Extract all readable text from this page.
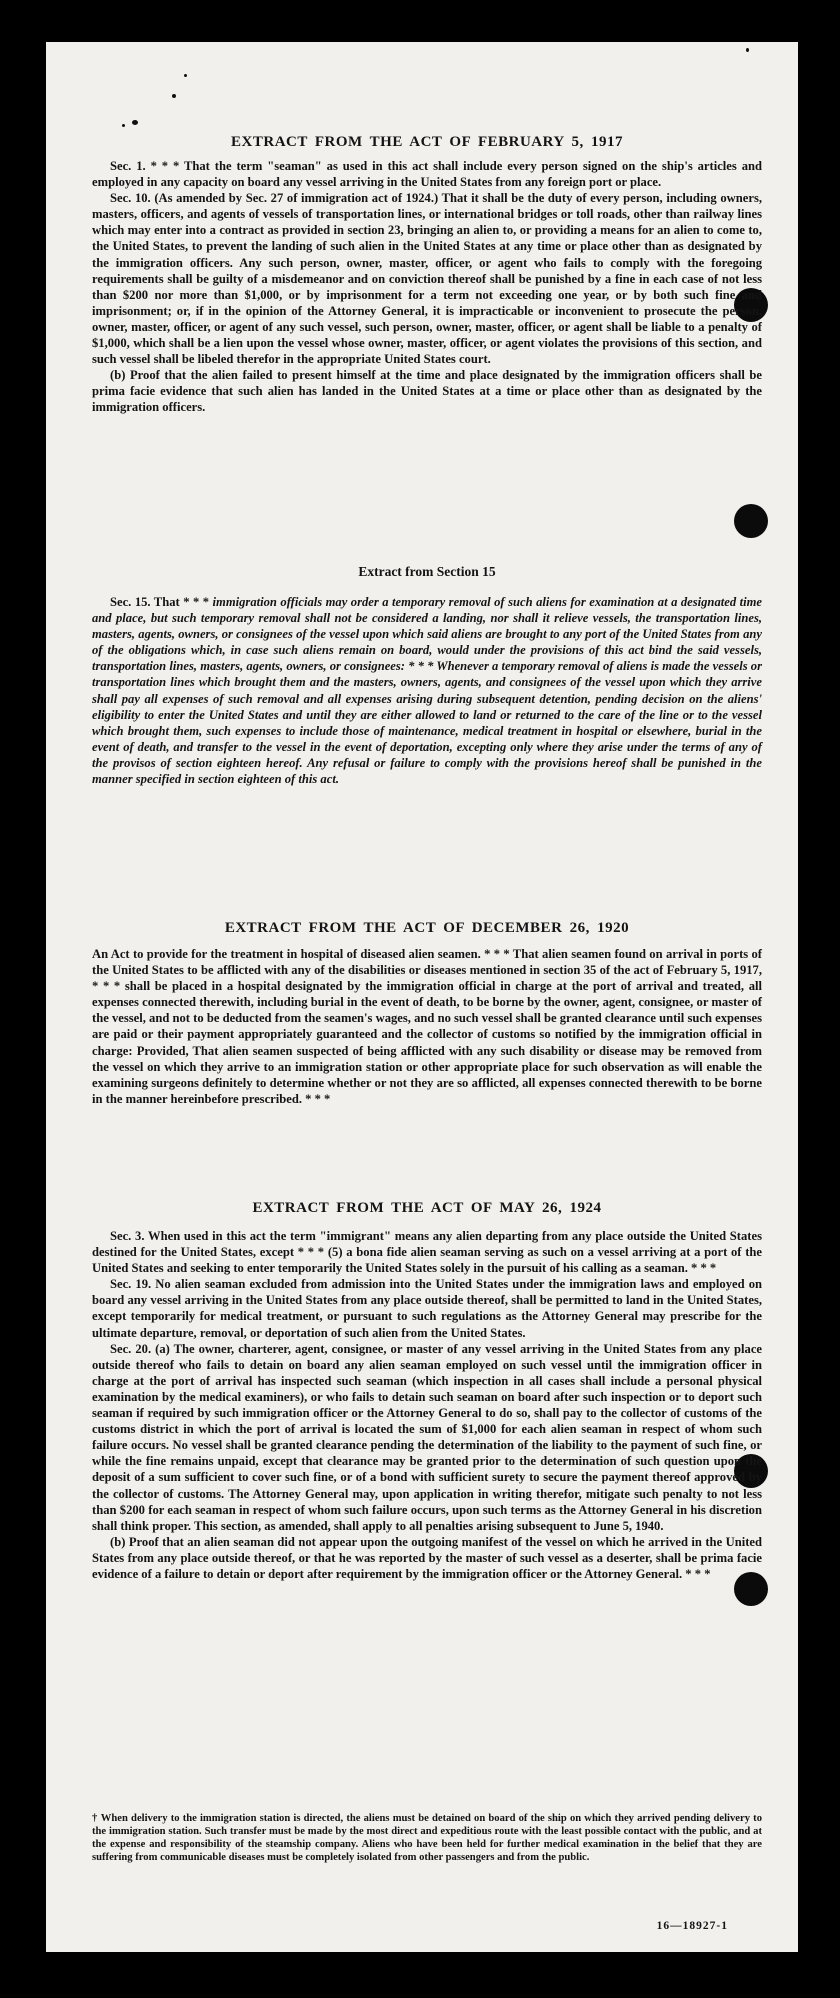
EXTRACT FROM THE ACT OF FEBRUARY 5, 1917
Sec. 1. * * * That the term "seaman" as used in this act shall include every person signed on the ship's articles and employed in any capacity on board any vessel arriving in the United States from any foreign port or place.
Sec. 10. (As amended by Sec. 27 of immigration act of 1924.) That it shall be the duty of every person, including owners, masters, officers, and agents of vessels of transportation lines, or international bridges or toll roads, other than railway lines which may enter into a contract as provided in section 23, bringing an alien to, or providing a means for an alien to come to, the United States, to prevent the landing of such alien in the United States at any time or place other than as designated by the immigration officers. Any such person, owner, master, officer, or agent who fails to comply with the foregoing requirements shall be guilty of a misdemeanor and on conviction thereof shall be punished by a fine in each case of not less than $200 nor more than $1,000, or by imprisonment for a term not exceeding one year, or by both such fine and imprisonment; or, if in the opinion of the Attorney General, it is impracticable or inconvenient to prosecute the person, owner, master, officer, or agent of any such vessel, such person, owner, master, officer, or agent shall be liable to a penalty of $1,000, which shall be a lien upon the vessel whose owner, master, officer, or agent violates the provisions of this section, and such vessel shall be libeled therefor in the appropriate United States court.
(b) Proof that the alien failed to present himself at the time and place designated by the immigration officers shall be prima facie evidence that such alien has landed in the United States at a time or place other than as designated by the immigration officers.
Extract from Section 15
Sec. 15. That * * * immigration officials may order a temporary removal of such aliens for examination at a designated time and place, but such temporary removal shall not be considered a landing, nor shall it relieve vessels, the transportation lines, masters, agents, owners, or consignees of the vessel upon which said aliens are brought to any port of the United States from any of the obligations which, in case such aliens remain on board, would under the provisions of this act bind the said vessels, transportation lines, masters, agents, owners, or consignees: * * * Whenever a temporary removal of aliens is made the vessels or transportation lines which brought them and the masters, owners, agents, and consignees of the vessel upon which they arrive shall pay all expenses of such removal and all expenses arising during subsequent detention, pending decision on the aliens' eligibility to enter the United States and until they are either allowed to land or returned to the care of the line or to the vessel which brought them, such expenses to include those of maintenance, medical treatment in hospital or elsewhere, burial in the event of death, and transfer to the vessel in the event of deportation, excepting only where they arise under the terms of any of the provisos of section eighteen hereof. Any refusal or failure to comply with the provisions hereof shall be punished in the manner specified in section eighteen of this act.
EXTRACT FROM THE ACT OF DECEMBER 26, 1920
An Act to provide for the treatment in hospital of diseased alien seamen. * * * That alien seamen found on arrival in ports of the United States to be afflicted with any of the disabilities or diseases mentioned in section 35 of the act of February 5, 1917, * * * shall be placed in a hospital designated by the immigration official in charge at the port of arrival and treated, all expenses connected therewith, including burial in the event of death, to be borne by the owner, agent, consignee, or master of the vessel, and not to be deducted from the seamen's wages, and no such vessel shall be granted clearance until such expenses are paid or their payment appropriately guaranteed and the collector of customs so notified by the immigration official in charge: Provided, That alien seamen suspected of being afflicted with any such disability or disease may be removed from the vessel on which they arrive to an immigration station or other appropriate place for such observation as will enable the examining surgeons definitely to determine whether or not they are so afflicted, all expenses connected therewith to be borne in the manner hereinbefore prescribed. * * *
EXTRACT FROM THE ACT OF MAY 26, 1924
Sec. 3. When used in this act the term "immigrant" means any alien departing from any place outside the United States destined for the United States, except * * * (5) a bona fide alien seaman serving as such on a vessel arriving at a port of the United States and seeking to enter temporarily the United States solely in the pursuit of his calling as a seaman. * * *
Sec. 19. No alien seaman excluded from admission into the United States under the immigration laws and employed on board any vessel arriving in the United States from any place outside thereof, shall be permitted to land in the United States, except temporarily for medical treatment, or pursuant to such regulations as the Attorney General may prescribe for the ultimate departure, removal, or deportation of such alien from the United States.
Sec. 20. (a) The owner, charterer, agent, consignee, or master of any vessel arriving in the United States from any place outside thereof who fails to detain on board any alien seaman employed on such vessel until the immigration officer in charge at the port of arrival has inspected such seaman (which inspection in all cases shall include a personal physical examination by the medical examiners), or who fails to detain such seaman on board after such inspection or to deport such seaman if required by such immigration officer or the Attorney General to do so, shall pay to the collector of customs of the customs district in which the port of arrival is located the sum of $1,000 for each alien seaman in respect of whom such failure occurs. No vessel shall be granted clearance pending the determination of the liability to the payment of such fine, or while the fine remains unpaid, except that clearance may be granted prior to the determination of such question upon the deposit of a sum sufficient to cover such fine, or of a bond with sufficient surety to secure the payment thereof approved by the collector of customs. The Attorney General may, upon application in writing therefor, mitigate such penalty to not less than $200 for each seaman in respect of whom such failure occurs, upon such terms as the Attorney General in his discretion shall think proper. This section, as amended, shall apply to all penalties arising subsequent to June 5, 1940.
(b) Proof that an alien seaman did not appear upon the outgoing manifest of the vessel on which he arrived in the United States from any place outside thereof, or that he was reported by the master of such vessel as a deserter, shall be prima facie evidence of a failure to detain or deport after requirement by the immigration officer or the Attorney General. * * *
† When delivery to the immigration station is directed, the aliens must be detained on board of the ship on which they arrived pending delivery to the immigration station. Such transfer must be made by the most direct and expeditious route with the least possible contact with the public, and at the expense and responsibility of the steamship company. Aliens who have been held for further medical examination in the belief that they are suffering from communicable diseases must be completely isolated from other passengers and from the public.
16—18927-1
